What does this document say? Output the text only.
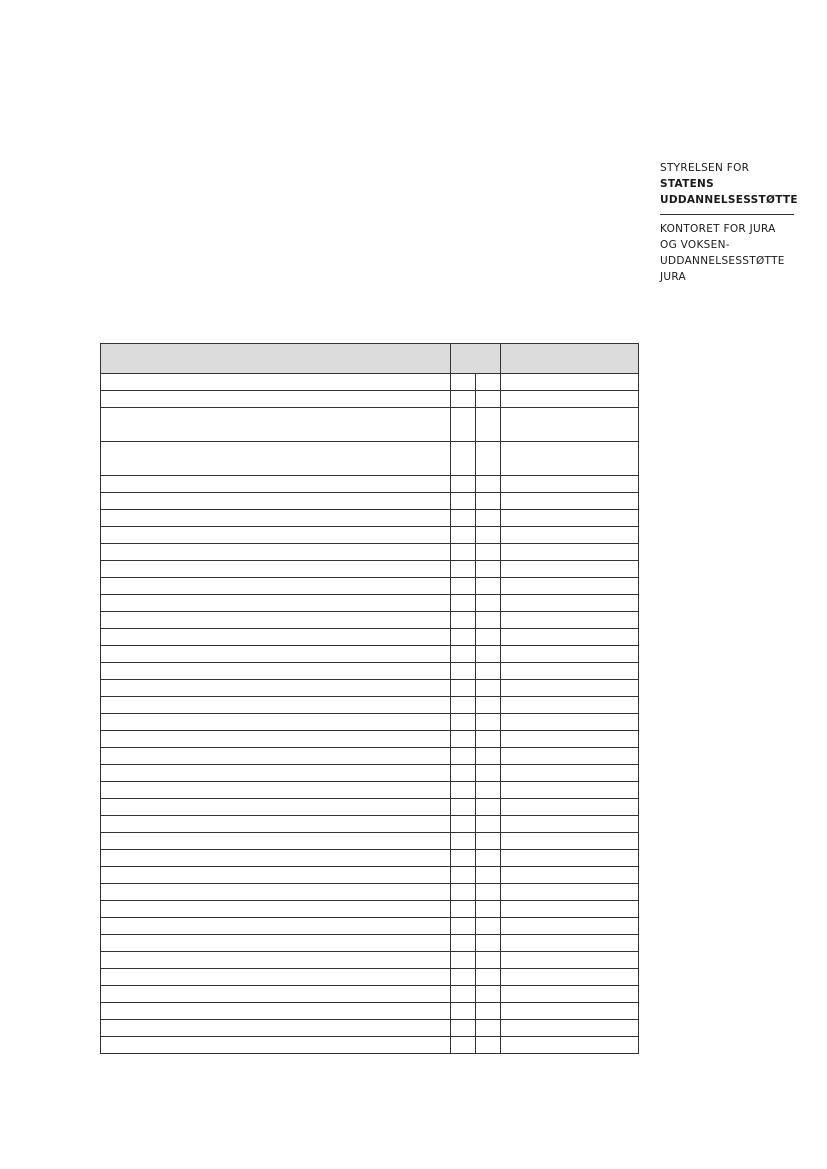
STYRELSEN FOR
STATENS
UDDANNELSESSTØTTE
KONTORET FOR JURA
OG VOKSEN-
UDDANNELSESSTØTTE
JURA
